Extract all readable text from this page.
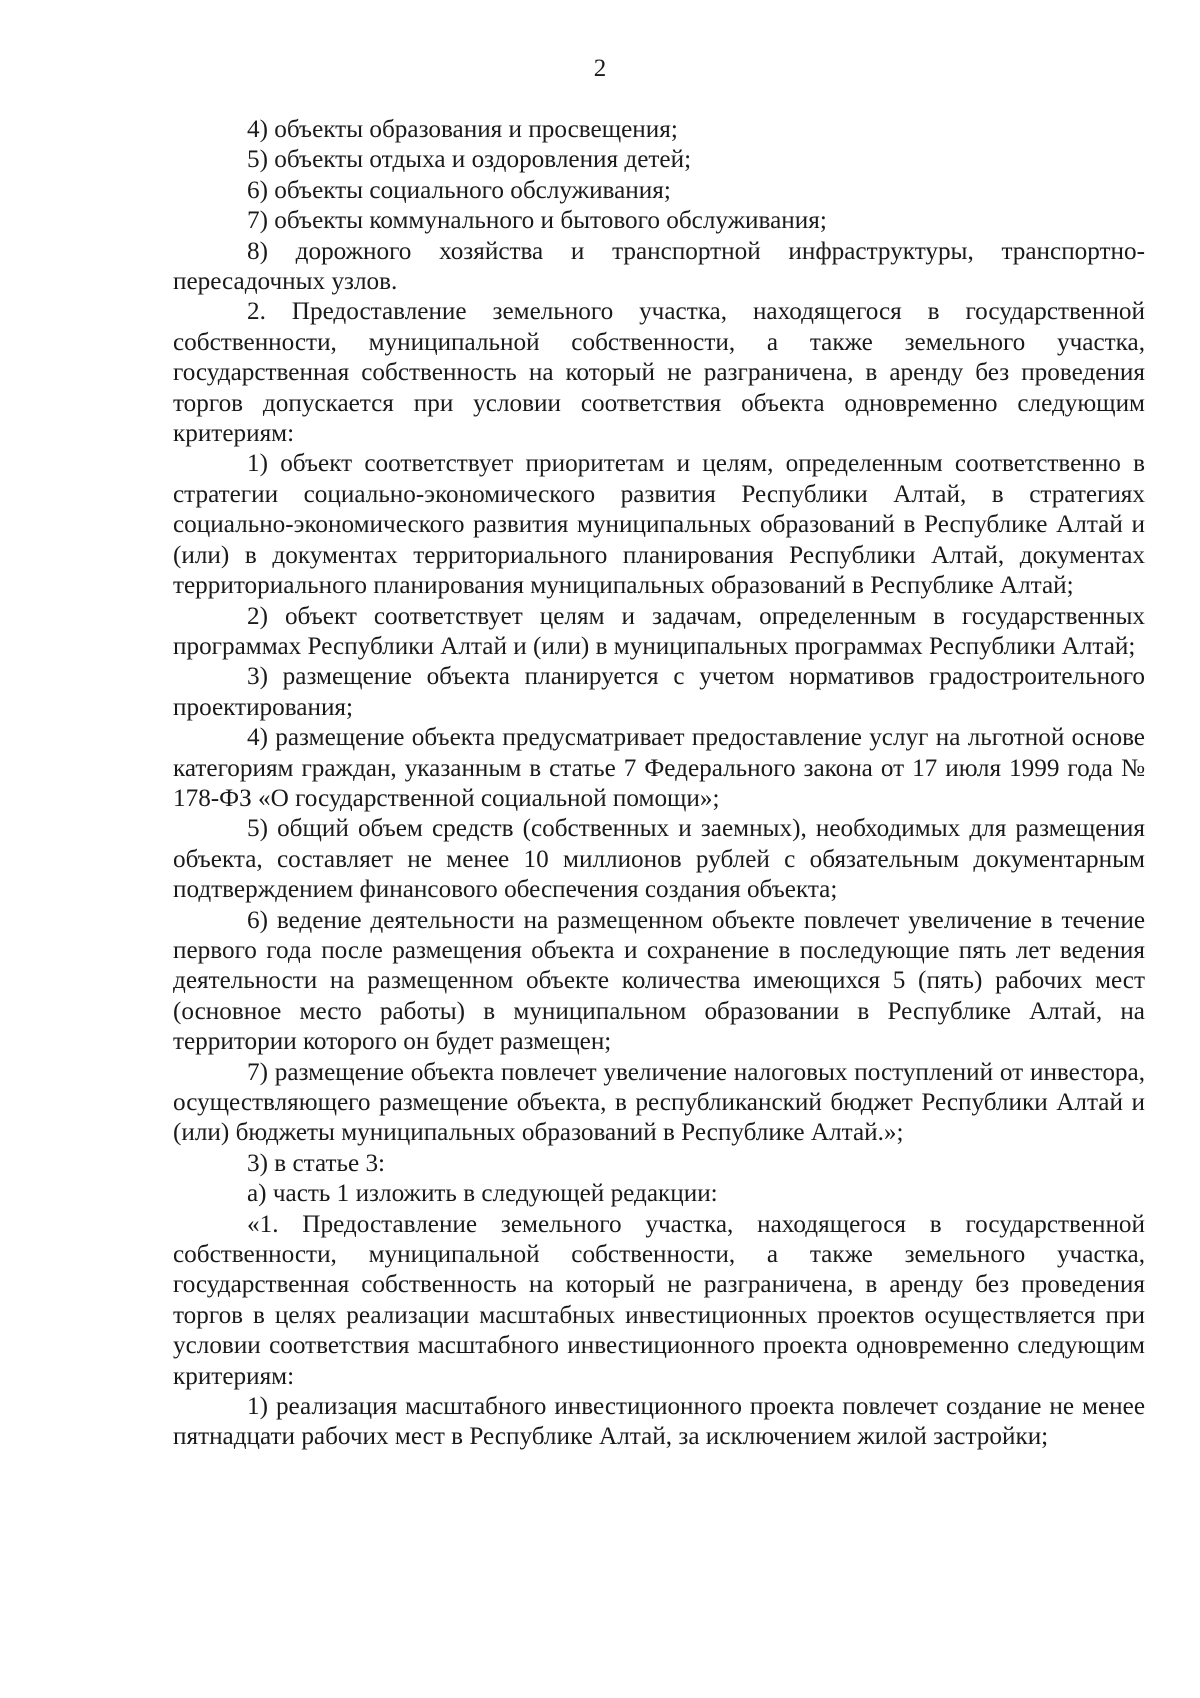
2

4) объекты образования и просвещения;

5) объекты отдыха и оздоровления детей;

6) объекты социального обслуживания;

7) объекты коммунального и бытового обслуживания;

8) дорожного хозяйства и транспортной инфраструктуры, транспортно-пересадочных узлов.

2. Предоставление земельного участка, находящегося в государственной собственности, муниципальной собственности, а также земельного участка, государственная собственность на который не разграничена, в аренду без проведения торгов допускается при условии соответствия объекта одновременно следующим критериям:

1) объект соответствует приоритетам и целям, определенным соответственно в стратегии социально-экономического развития Республики Алтай, в стратегиях социально-экономического развития муниципальных образований в Республике Алтай и (или) в документах территориального планирования Республики Алтай, документах территориального планирования муниципальных образований в Республике Алтай;

2) объект соответствует целям и задачам, определенным в государственных программах Республики Алтай и (или) в муниципальных программах Республики Алтай;

3) размещение объекта планируется с учетом нормативов градостроительного проектирования;

4) размещение объекта предусматривает предоставление услуг на льготной основе категориям граждан, указанным в статье 7 Федерального закона от 17 июля 1999 года № 178-ФЗ «О государственной социальной помощи»;

5) общий объем средств (собственных и заемных), необходимых для размещения объекта, составляет не менее 10 миллионов рублей с обязательным документарным подтверждением финансового обеспечения создания объекта;

6) ведение деятельности на размещенном объекте повлечет увеличение в течение первого года после размещения объекта и сохранение в последующие пять лет ведения деятельности на размещенном объекте количества имеющихся 5 (пять) рабочих мест (основное место работы) в муниципальном образовании в Республике Алтай, на территории которого он будет размещен;

7) размещение объекта повлечет увеличение налоговых поступлений от инвестора, осуществляющего размещение объекта, в республиканский бюджет Республики Алтай и (или) бюджеты муниципальных образований в Республике Алтай.»;

3) в статье 3:

а) часть 1 изложить в следующей редакции:

«1. Предоставление земельного участка, находящегося в государственной собственности, муниципальной собственности, а также земельного участка, государственная собственность на который не разграничена, в аренду без проведения торгов в целях реализации масштабных инвестиционных проектов осуществляется при условии соответствия масштабного инвестиционного проекта одновременно следующим критериям:

1) реализация масштабного инвестиционного проекта повлечет создание не менее пятнадцати рабочих мест в Республике Алтай, за исключением жилой застройки;
